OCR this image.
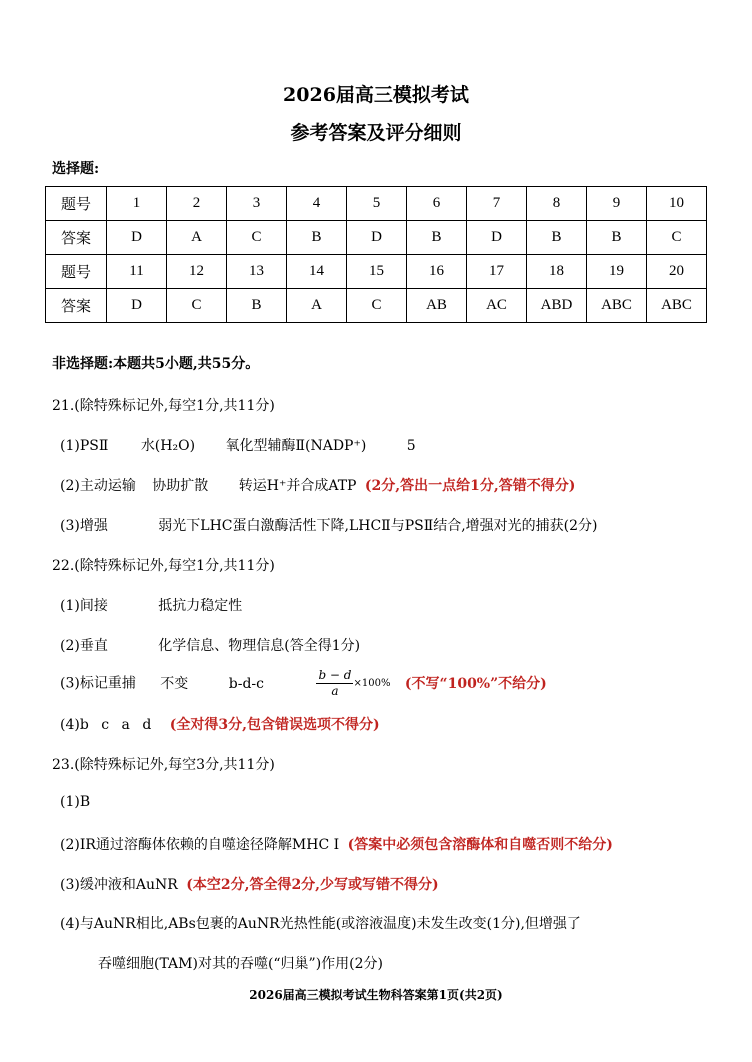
2026届高三模拟考试
参考答案及评分细则
选择题:
题号	1	2	3	4	5	6	7	8	9	10
答案	D	A	C	B	D	B	D	B	B	C
题号	11	12	13	14	15	16	17	18	19	20
答案	D	C	B	A	C	AB	AC	ABD	ABC	ABC
非选择题:本题共5小题,共55分。
21.(除特殊标记外,每空1分,共11分)
(1)PSⅡ 水(H₂O) 氧化型辅酶Ⅱ(NADP⁺)	5
(2)主动运输 协助扩散 转运H⁺并合成ATP (2分,答出一点给1分,答错不得分)
(3)增强	弱光下LHC蛋白激酶活性下降,LHCⅡ与PSⅡ结合,增强对光的捕获(2分)
22.(除特殊标记外,每空1分,共11分)
(1)间接	抵抗力稳定性
(2)垂直	化学信息、物理信息(答全得1分)
(3)标记重捕 不变	b-d-c	$\frac{b - d}{a} \times 100\%$ (不写“100%”不给分)
(4)b c a d (全对得3分,包含错误选项不得分)
23.(除特殊标记外,每空3分,共11分)
(1)B
(2)IR通过溶酶体依赖的自噬途径降解MHC I (答案中必须包含溶酶体和自噬否则不给分)
(3)缓冲液和AuNR (本空2分,答全得2分,少写或写错不得分)
(4)与AuNR相比,ABs包裹的AuNR光热性能(或溶液温度)未发生改变(1分),但增强了
吞噬细胞(TAM)对其的吞噬(“归巢”)作用(2分)
2026届高三模拟考试生物科答案第1页(共2页)
